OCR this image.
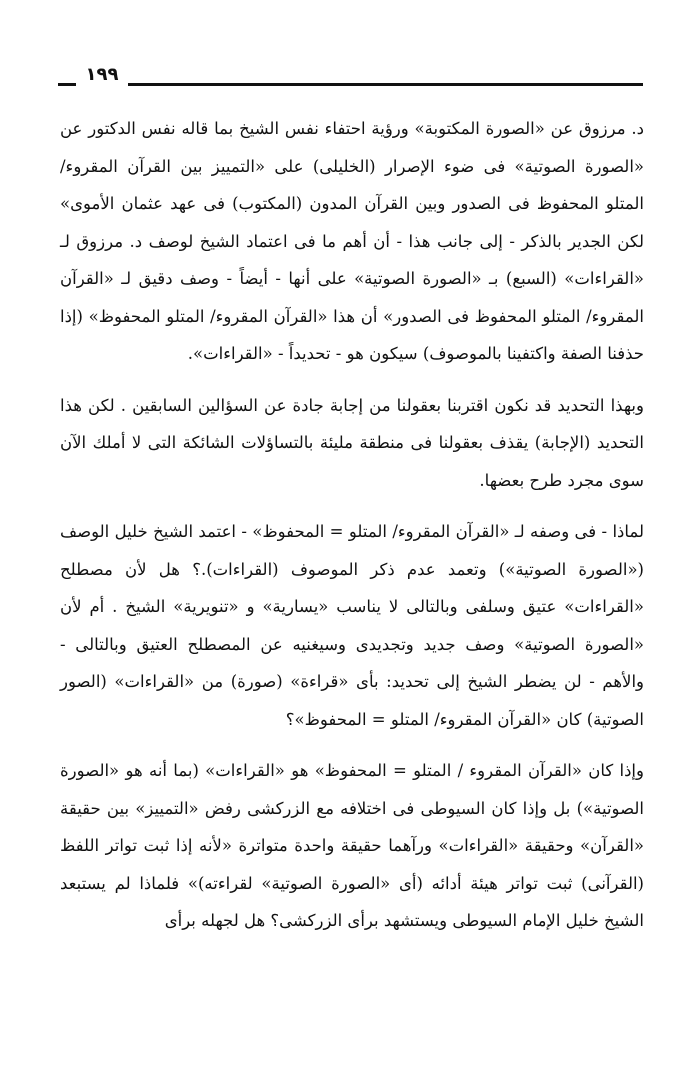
١٩٩

د. مرزوق عن «الصورة المكتوبة» ورؤية احتفاء نفس الشيخ بما قاله نفس الدكتور عن «الصورة الصوتية» فى ضوء الإصرار (الخليلى) على «التمييز بين القرآن المقروء/ المتلو المحفوظ فى الصدور وبين القرآن المدون (المكتوب) فى عهد عثمان الأموى» لكن الجدير بالذكر - إلى جانب هذا - أن أهم ما فى اعتماد الشيخ لوصف د. مرزوق لـ «القراءات» (السبع) بـ «الصورة الصوتية» على أنها - أيضاً - وصف دقيق لـ «القرآن المقروء/ المتلو المحفوظ فى الصدور» أن هذا «القرآن المقروء/ المتلو المحفوظ» (إذا حذفنا الصفة واكتفينا بالموصوف) سيكون هو - تحديداً - «القراءات».

وبهذا التحديد قد نكون اقتربنا بعقولنا من إجابة جادة عن السؤالين السابقين . لكن هذا التحديد (الإجابة) يقذف بعقولنا فى منطقة مليئة بالتساؤلات الشائكة التى لا أملك الآن سوى مجرد طرح بعضها.

لماذا - فى وصفه لـ «القرآن المقروء/ المتلو = المحفوظ» - اعتمد الشيخ خليل الوصف («الصورة الصوتية») وتعمد عدم ذكر الموصوف (القراءات).؟ هل لأن مصطلح «القراءات» عتيق وسلفى وبالتالى لا يناسب «يسارية» و «تنويرية» الشيخ . أم لأن «الصورة الصوتية» وصف جديد وتجديدى وسيغنيه عن المصطلح العتيق وبالتالى - والأهم - لن يضطر الشيخ إلى تحديد: بأى «قراءة» (صورة) من «القراءات» (الصور الصوتية) كان «القرآن المقروء/ المتلو = المحفوظ»؟

وإذا كان «القرآن المقروء / المتلو = المحفوظ» هو «القراءات» (بما أنه هو «الصورة الصوتية») بل وإذا كان السيوطى فى اختلافه مع الزركشى رفض «التمييز» بين حقيقة «القرآن» وحقيقة «القراءات» ورآهما حقيقة واحدة متواترة «لأنه إذا ثبت تواتر اللفظ (القرآنى) ثبت تواتر هيئة أدائه (أى «الصورة الصوتية» لقراءته)» فلماذا لم يستبعد الشيخ خليل الإمام السيوطى ويستشهد برأى الزركشى؟ هل لجهله برأى
